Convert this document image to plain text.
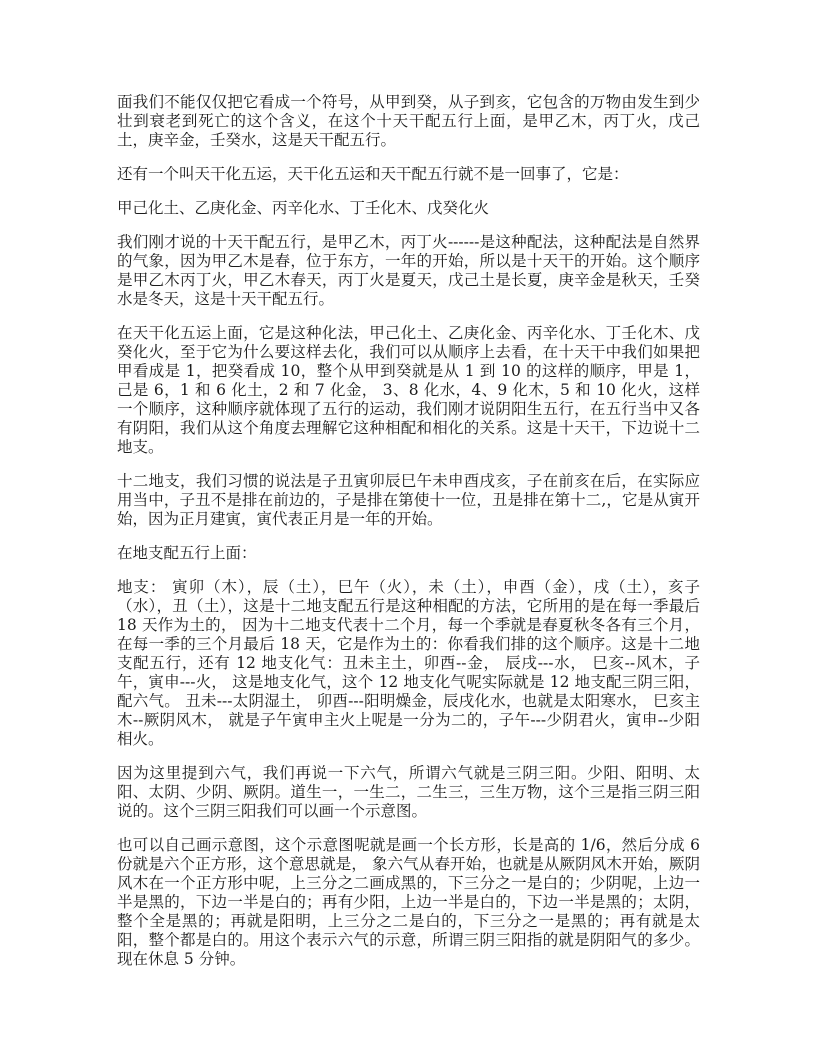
面我们不能仅仅把它看成一个符号，从甲到癸，从子到亥，它包含的万物由发生到少壮到衰老到死亡的这个含义，在这个十天干配五行上面，是甲乙木，丙丁火，戊己土，庚辛金，壬癸水，这是天干配五行。

还有一个叫天干化五运，天干化五运和天干配五行就不是一回事了，它是：

甲己化土、乙庚化金、丙辛化水、丁壬化木、戊癸化火

我们刚才说的十天干配五行，是甲乙木，丙丁火------是这种配法，这种配法是自然界的气象，因为甲乙木是春，位于东方，一年的开始，所以是十天干的开始。这个顺序是甲乙木丙丁火，甲乙木春天，丙丁火是夏天，戊己土是长夏，庚辛金是秋天，壬癸水是冬天，这是十天干配五行。

在天干化五运上面，它是这种化法，甲己化土、乙庚化金、丙辛化水、丁壬化木、戊癸化火，至于它为什么要这样去化，我们可以从顺序上去看，在十天干中我们如果把甲看成是 1，把癸看成 10，整个从甲到癸就是从 1 到 10 的这样的顺序，甲是 1，己是 6，1 和 6 化土，2 和 7 化金， 3、8 化水，4、9 化木，5 和 10 化火，这样一个顺序，这种顺序就体现了五行的运动，我们刚才说阴阳生五行，在五行当中又各有阴阳，我们从这个角度去理解它这种相配和相化的关系。这是十天干，下边说十二地支。

十二地支，我们习惯的说法是子丑寅卯辰巳午未申酉戌亥，子在前亥在后，在实际应用当中，子丑不是排在前边的，子是排在第使十一位，丑是排在第十二,，它是从寅开始，因为正月建寅，寅代表正月是一年的开始。

在地支配五行上面：

地支： 寅卯（木），辰（土），巳午（火），未（土），申酉（金），戌（土），亥子（水），丑（土），这是十二地支配五行是这种相配的方法，它所用的是在每一季最后 18 天作为土的， 因为十二地支代表十二个月，每一个季就是春夏秋冬各有三个月，在每一季的三个月最后 18 天，它是作为土的：你看我们排的这个顺序。这是十二地支配五行，还有 12 地支化气：丑未主土，卯酉--金， 辰戌---水， 巳亥--风木，子午，寅申---火， 这是地支化气，这个 12 地支化气呢实际就是 12 地支配三阴三阳， 配六气。 丑未---太阴湿土， 卯酉---阳明燥金，辰戌化水，也就是太阳寒水， 巳亥主木--厥阴风木， 就是子午寅申主火上呢是一分为二的，子午---少阴君火，寅申--少阳相火。

因为这里提到六气，我们再说一下六气，所谓六气就是三阴三阳。少阳、阳明、太阳、太阴、少阴、厥阴。道生一，一生二，二生三，三生万物，这个三是指三阴三阳说的。这个三阴三阳我们可以画一个示意图。

也可以自己画示意图，这个示意图呢就是画一个长方形，长是高的 1/6，然后分成 6 份就是六个正方形，这个意思就是， 象六气从春开始，也就是从厥阴风木开始，厥阴风木在一个正方形中呢，上三分之二画成黑的，下三分之一是白的；少阴呢，上边一半是黑的，下边一半是白的；再有少阳，上边一半是白的，下边一半是黑的；太阴，整个全是黑的；再就是阳明，上三分之二是白的，下三分之一是黑的；再有就是太阳，整个都是白的。用这个表示六气的示意，所谓三阴三阳指的就是阴阳气的多少。现在休息 5 分钟。
